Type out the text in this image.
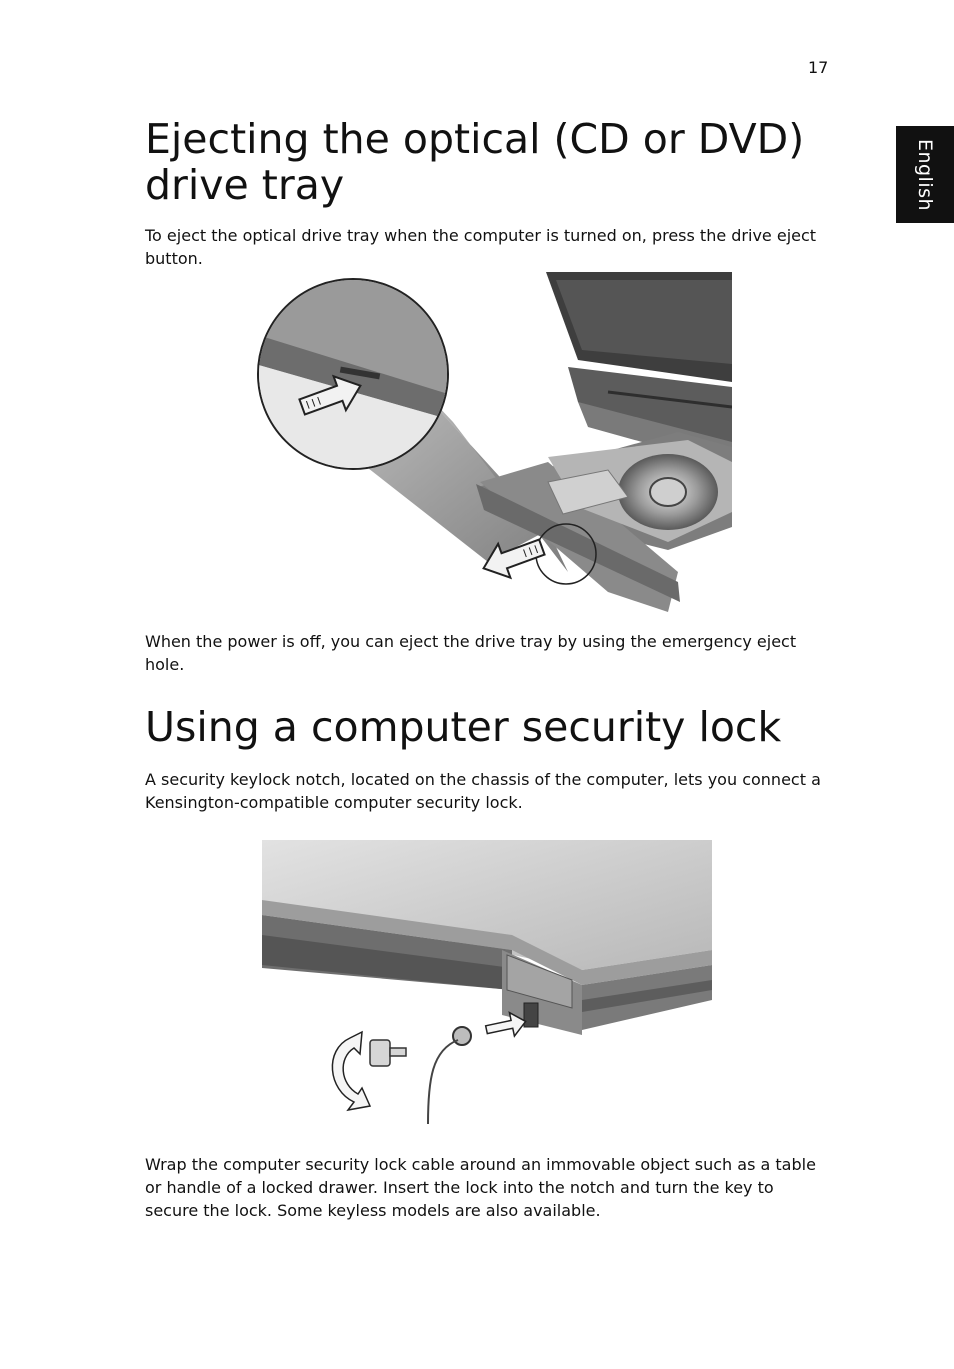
17
English
Ejecting the optical (CD or DVD) drive tray

To eject the optical drive tray when the computer is turned on, press the drive eject button.

When the power is off, you can eject the drive tray by using the emergency eject hole.

Using a computer security lock

A security keylock notch, located on the chassis of the computer, lets you connect a Kensington-compatible computer security lock.

Wrap the computer security lock cable around an immovable object such as a table or handle of a locked drawer. Insert the lock into the notch and turn the key to secure the lock. Some keyless models are also available.
